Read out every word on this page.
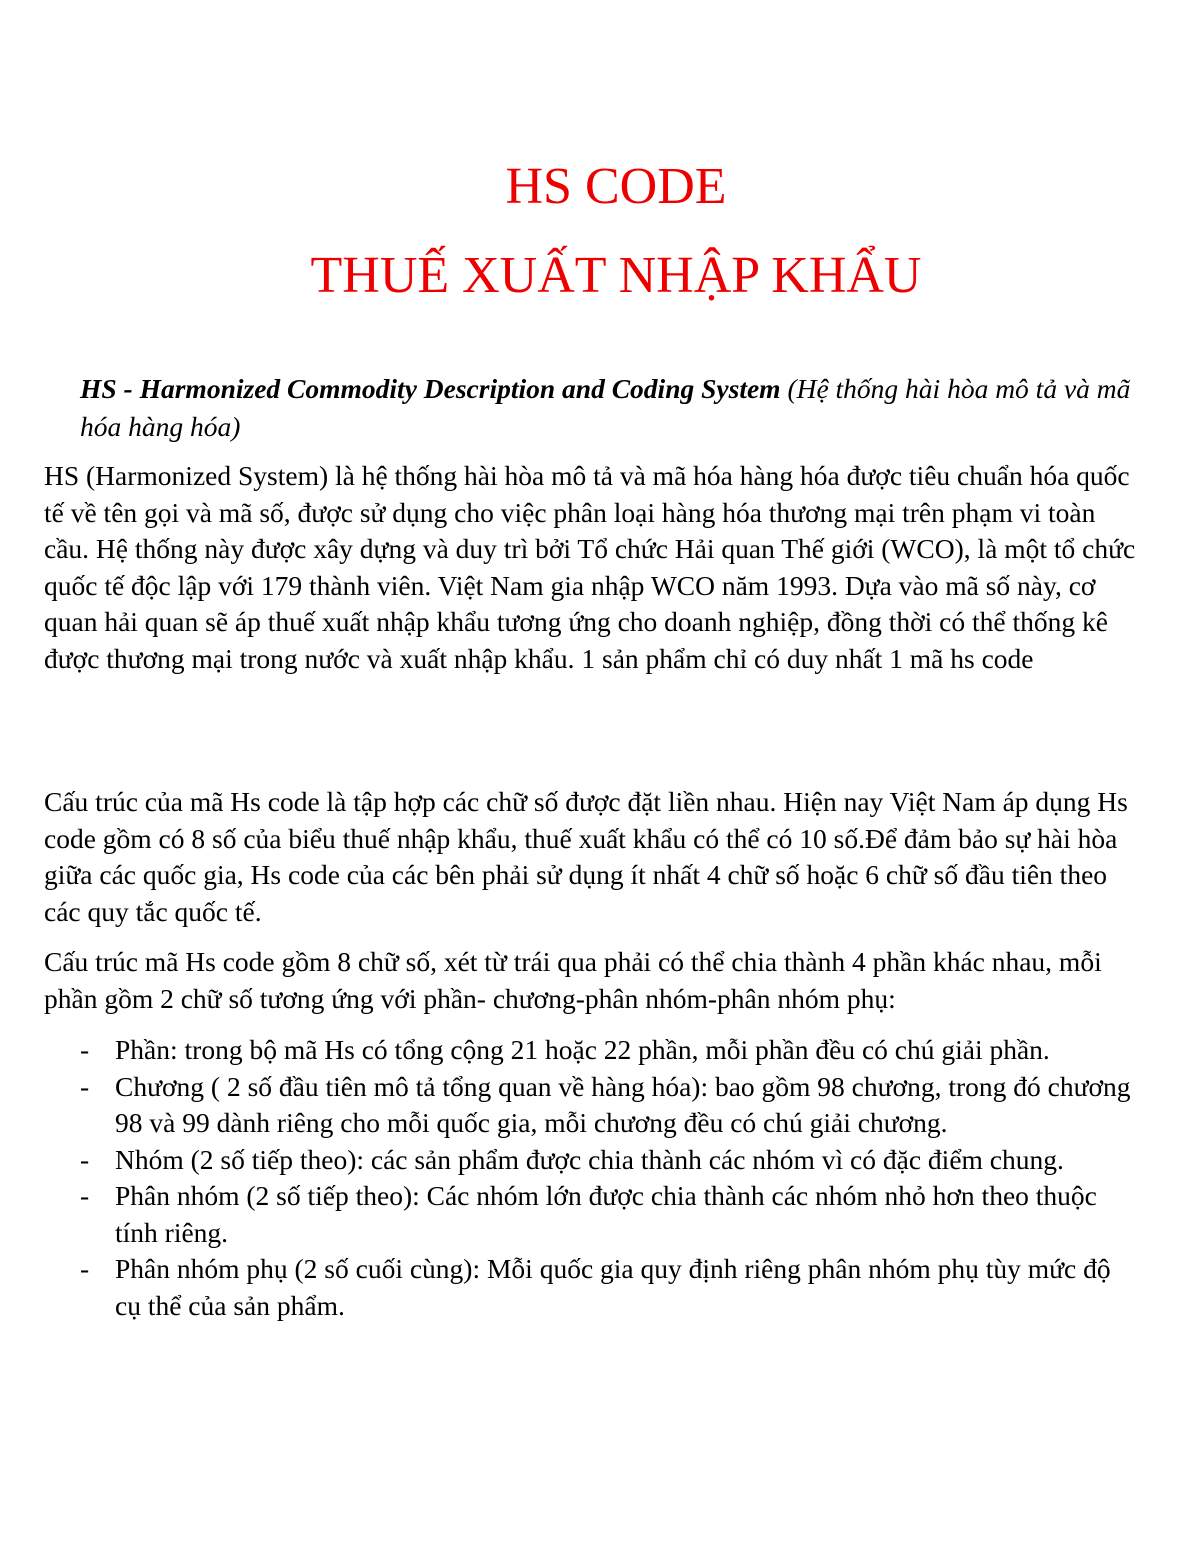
HS CODE
THUẾ XUẤT NHẬP KHẨU
HS - Harmonized Commodity Description and Coding System (Hệ thống hài hòa mô tả và mã hóa hàng hóa)

HS (Harmonized System) là hệ thống hài hòa mô tả và mã hóa hàng hóa được tiêu chuẩn hóa quốc tế về tên gọi và mã số, được sử dụng cho việc phân loại hàng hóa thương mại trên phạm vi toàn cầu. Hệ thống này được xây dựng và duy trì bởi Tổ chức Hải quan Thế giới (WCO), là một tổ chức quốc tế độc lập với 179 thành viên. Việt Nam gia nhập WCO năm 1993. Dựa vào mã số này, cơ quan hải quan sẽ áp thuế xuất nhập khẩu tương ứng cho doanh nghiệp, đồng thời có thể thống kê được thương mại trong nước và xuất nhập khẩu. 1 sản phẩm chỉ có duy nhất 1 mã hs code

Cấu trúc của mã Hs code là tập hợp các chữ số được đặt liền nhau. Hiện nay Việt Nam áp dụng Hs code gồm có 8 số của biểu thuế nhập khẩu, thuế xuất khẩu có thể có 10 số.Để đảm bảo sự hài hòa giữa các quốc gia, Hs code của các bên phải sử dụng ít nhất 4 chữ số hoặc 6 chữ số đầu tiên theo các quy tắc quốc tế.

Cấu trúc mã Hs code gồm 8 chữ số, xét từ trái qua phải có thể chia thành 4 phần khác nhau, mỗi phần gồm 2 chữ số tương ứng với phần- chương-phân nhóm-phân nhóm phụ:

- Phần: trong bộ mã Hs có tổng cộng 21 hoặc 22 phần, mỗi phần đều có chú giải phần.
- Chương ( 2 số đầu tiên mô tả tổng quan về hàng hóa): bao gồm 98 chương, trong đó chương 98 và 99 dành riêng cho mỗi quốc gia, mỗi chương đều có chú giải chương.
- Nhóm (2 số tiếp theo): các sản phẩm được chia thành các nhóm vì có đặc điểm chung.
- Phân nhóm (2 số tiếp theo): Các nhóm lớn được chia thành các nhóm nhỏ hơn theo thuộc tính riêng.
- Phân nhóm phụ (2 số cuối cùng): Mỗi quốc gia quy định riêng phân nhóm phụ tùy mức độ cụ thể của sản phẩm.
